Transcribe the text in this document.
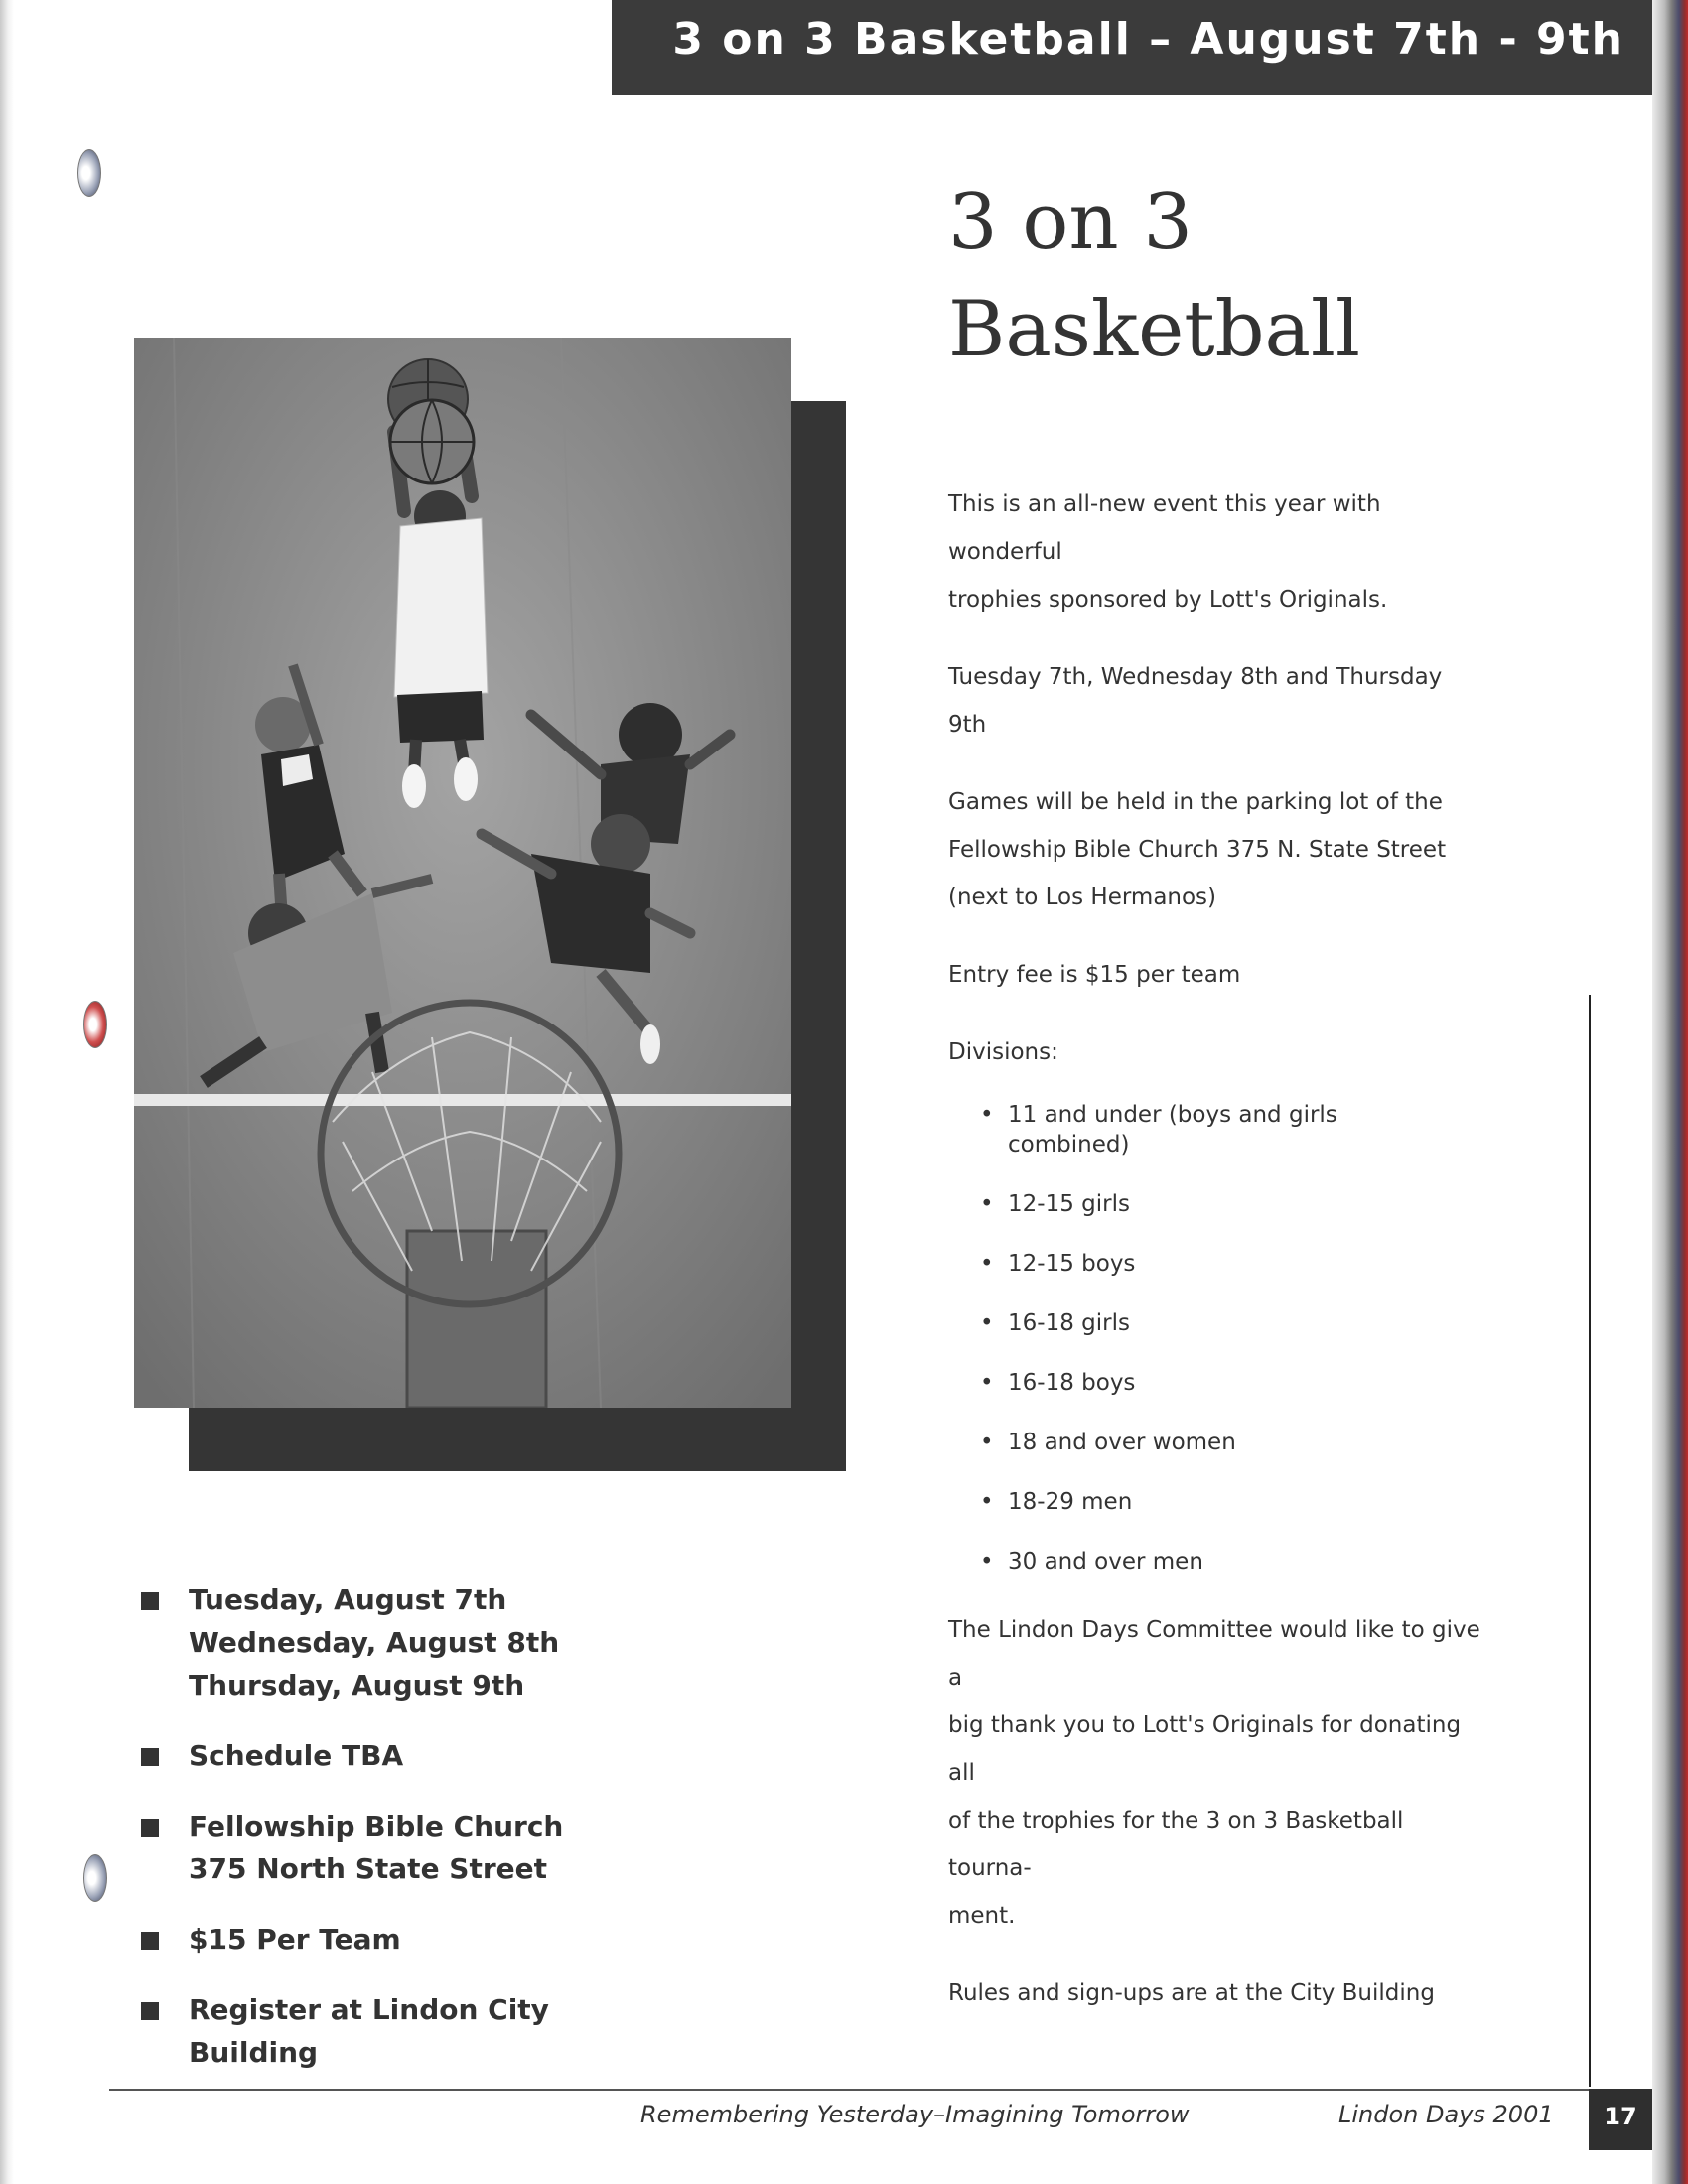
3 on 3 Basketball – August 7th - 9th
3 on 3
Basketball

This is an all-new event this year with wonderful
trophies sponsored by Lott's Originals.

Tuesday 7th, Wednesday 8th and Thursday 9th

Games will be held in the parking lot of the
Fellowship Bible Church 375 N. State Street
(next to Los Hermanos)

Entry fee is $15 per team

Divisions:

• 11 and under (boys and girls combined)
• 12-15 girls
• 12-15 boys
• 16-18 girls
• 16-18 boys
• 18 and over women
• 18-29 men
• 30 and over men

The Lindon Days Committee would like to give a
big thank you to Lott's Originals for donating all
of the trophies for the 3 on 3 Basketball tourna-
ment.

Rules and sign-ups are at the City Building

Tuesday, August 7th
Wednesday, August 8th
Thursday, August 9th
Schedule TBA
Fellowship Bible Church
375 North State Street
$15 Per Team
Register at Lindon City Building
Remembering Yesterday–Imagining Tomorrow	Lindon Days 2001	17
